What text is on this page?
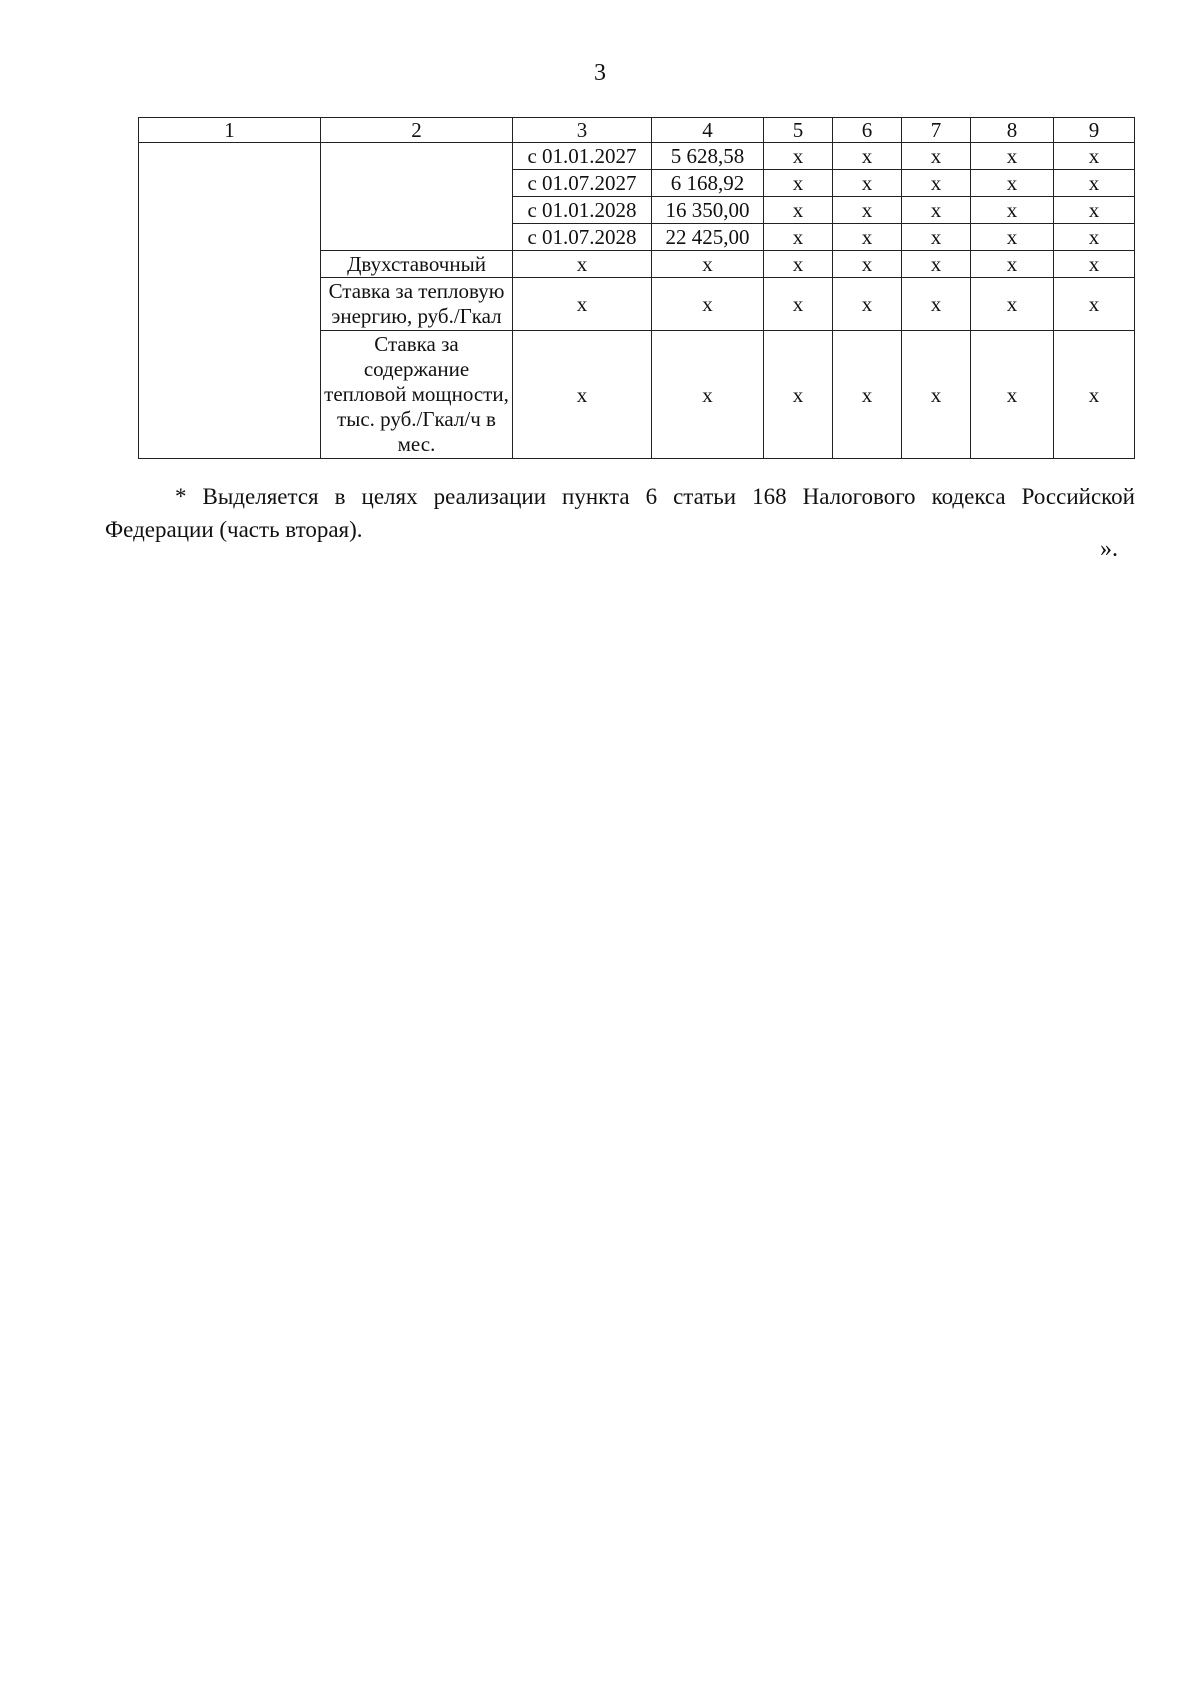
3
1	2	3	4	5	6	7	8	9
		с 01.01.2027	5 628,58	х	х	х	х	х
		с 01.07.2027	6 168,92	х	х	х	х	х
		с 01.01.2028	16 350,00	х	х	х	х	х
		с 01.07.2028	22 425,00	х	х	х	х	х
	Двухставочный	х	х	х	х	х	х	х
	Ставка за тепловую энергию, руб./Гкал	х	х	х	х	х	х	х
	Ставка за содержание тепловой мощности, тыс. руб./Гкал/ч в мес.	х	х	х	х	х	х	х
* Выделяется в целях реализации пункта 6 статьи 168 Налогового кодекса Российской Федерации (часть вторая).
».
